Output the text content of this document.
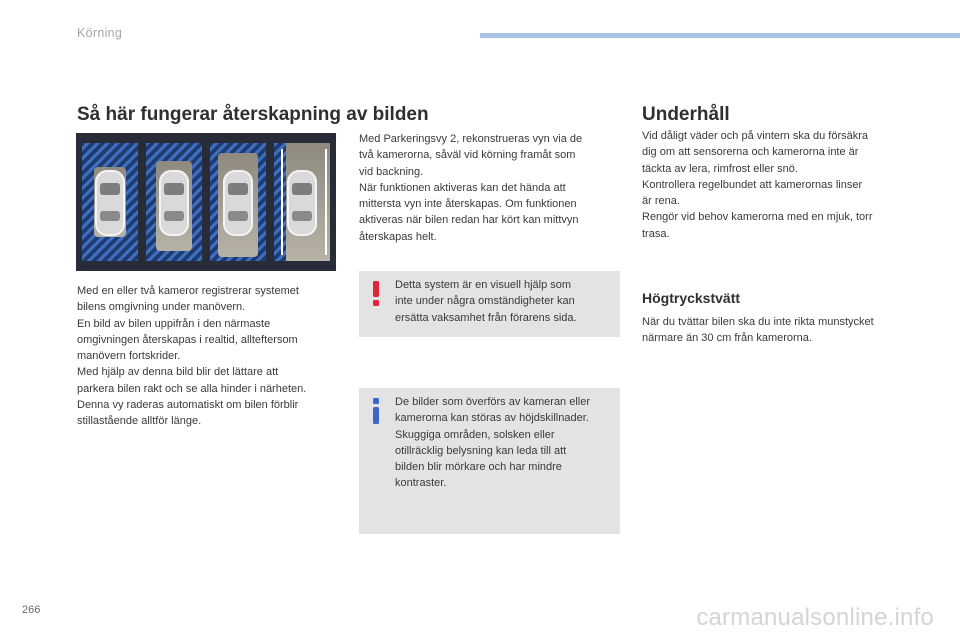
Körning
Så här fungerar återskapning av bilden
Med en eller två kameror registrerar systemet
bilens omgivning under manövern.
En bild av bilen uppifrån i den närmaste
omgivningen återskapas i realtid, allteftersom
manövern fortskrider.
Med hjälp av denna bild blir det lättare att
parkera bilen rakt och se alla hinder i närheten.
Denna vy raderas automatiskt om bilen förblir
stillastående alltför länge.
Med Parkeringsvy 2, rekonstrueras vyn via de
två kamerorna, såväl vid körning framåt som
vid backning.
När funktionen aktiveras kan det hända att
mittersta vyn inte återskapas. Om funktionen
aktiveras när bilen redan har kört kan mittvyn
återskapas helt.
Detta system är en visuell hjälp som
inte under några omständigheter kan
ersätta vaksamhet från förarens sida.
De bilder som överförs av kameran eller
kamerorna kan störas av höjdskillnader.
Skuggiga områden, solsken eller
otillräcklig belysning kan leda till att
bilden blir mörkare och har mindre
kontraster.
Underhåll
Vid dåligt väder och på vintern ska du försäkra
dig om att sensorerna och kamerorna inte är
täckta av lera, rimfrost eller snö.
Kontrollera regelbundet att kamerornas linser
är rena.
Rengör vid behov kamerorna med en mjuk, torr
trasa.
Högtryckstvätt
När du tvättar bilen ska du inte rikta munstycket
närmare än 30 cm från kamerorna.
266	carmanualsonline.info
